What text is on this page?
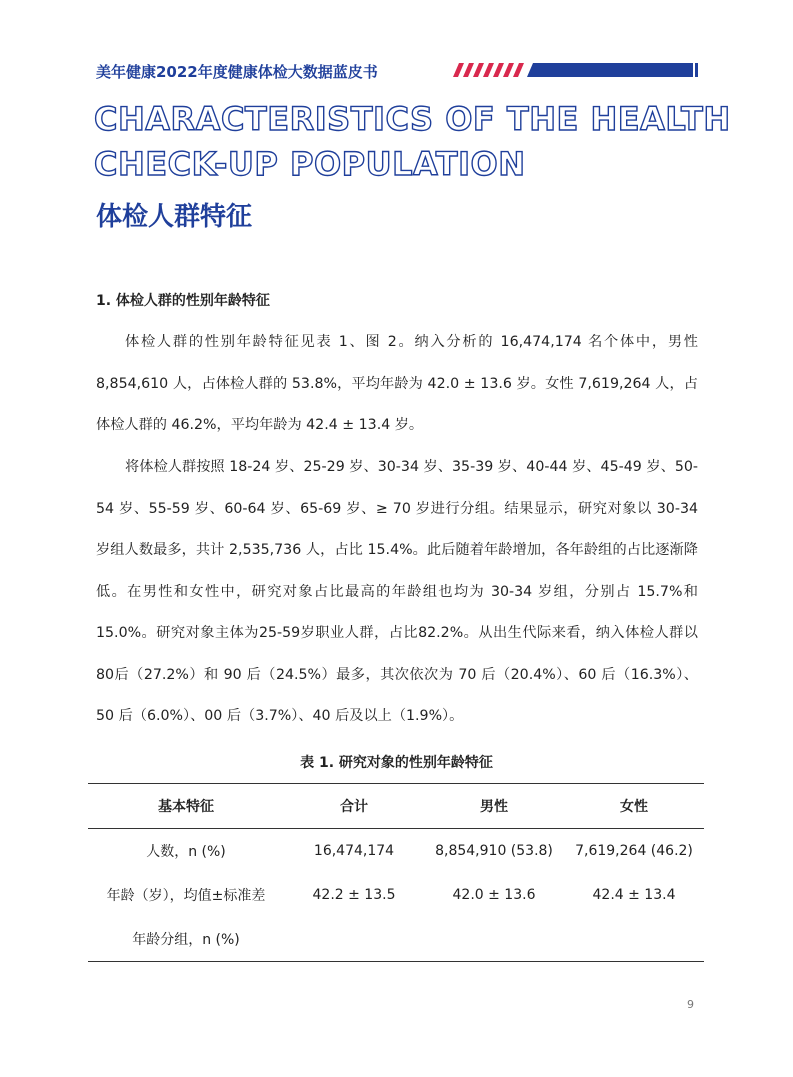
美年健康2022年度健康体检大数据蓝皮书
CHARACTERISTICS OF THE HEALTH
CHECK-UP POPULATION
体检人群特征
1. 体检人群的性别年龄特征

体检人群的性别年龄特征见表 1、图 2。纳入分析的 16,474,174 名个体中，男性 8,854,610 人，占体检人群的 53.8%，平均年龄为 42.0 ± 13.6 岁。女性 7,619,264 人，占体检人群的 46.2%，平均年龄为 42.4 ± 13.4 岁。

将体检人群按照 18-24 岁、25-29 岁、30-34 岁、35-39 岁、40-44 岁、45-49 岁、50-54 岁、55-59 岁、60-64 岁、65-69 岁、≥ 70 岁进行分组。结果显示，研究对象以 30-34 岁组人数最多，共计 2,535,736 人，占比 15.4%。此后随着年龄增加，各年龄组的占比逐渐降低。在男性和女性中，研究对象占比最高的年龄组也均为 30-34 岁组，分别占 15.7%和 15.0%。研究对象主体为25-59岁职业人群，占比82.2%。从出生代际来看，纳入体检人群以80后（27.2%）和 90 后（24.5%）最多，其次依次为 70 后（20.4%）、60 后（16.3%）、50 后（6.0%）、00 后（3.7%）、40 后及以上（1.9%）。

表 1. 研究对象的性别年龄特征
基本特征	合计	男性	女性
人数，n (%)	16,474,174	8,854,910 (53.8)	7,619,264 (46.2)
年龄（岁），均值±标准差	42.2 ± 13.5	42.0 ± 13.6	42.4 ± 13.4
年龄分组，n (%)			
9
